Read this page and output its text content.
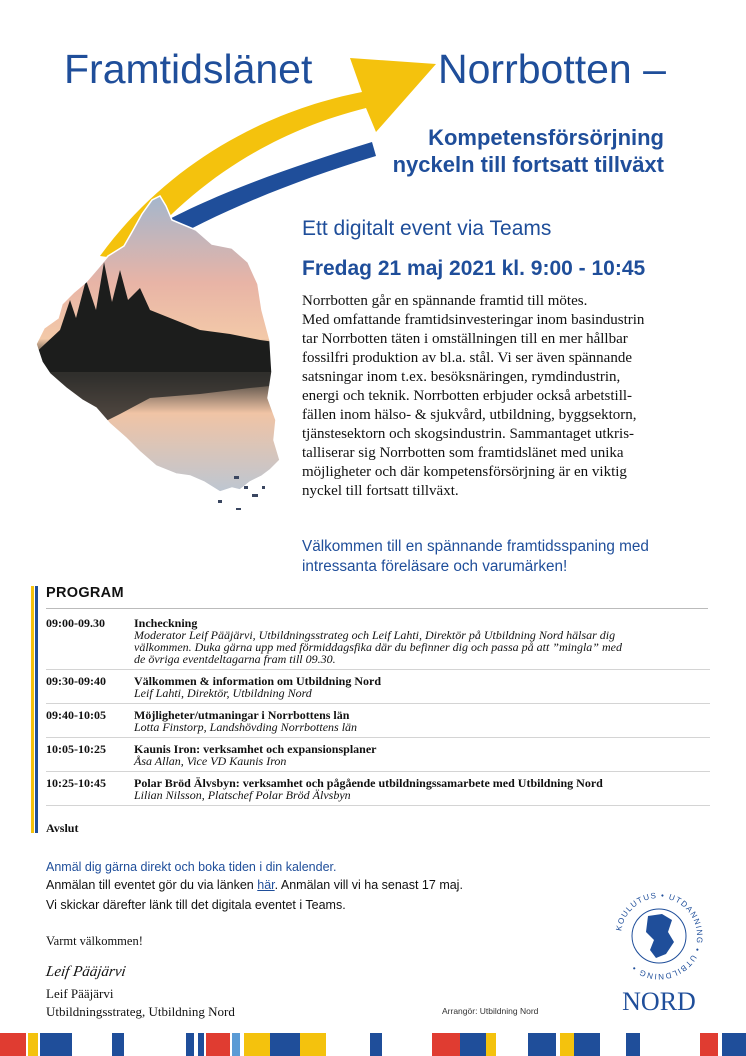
Framtidslänet	Norrbotten –
Kompetensförsörjning
nyckeln till fortsatt tillväxt
Ett digitalt event via Teams
Fredag 21 maj 2021 kl. 9:00 - 10:45
Norrbotten går en spännande framtid till mötes.
Med omfattande framtidsinvesteringar inom basindustrin
tar Norrbotten täten i omställningen till en mer hållbar
fossilfri produktion av bl.a. stål. Vi ser även spännande
satsningar inom t.ex. besöksnäringen, rymdindustrin,
energi och teknik. Norrbotten erbjuder också arbetstill-
fällen inom hälso- & sjukvård, utbildning, byggsektorn,
tjänstesektorn och skogsindustrin. Sammantaget utkris-
talliserar sig Norrbotten som framtidslänet med unika
möjligheter och där kompetensförsörjning är en viktig
nyckel till fortsatt tillväxt.
Välkommen till en spännande framtidsspaning med
intressanta föreläsare och varumärken!
PROGRAM
09:00-09.30	Incheckning
Moderator Leif Pääjärvi, Utbildningsstrateg och Leif Lahti, Direktör på Utbildning Nord hälsar dig
välkommen. Duka gärna upp med förmiddagsfika där du befinner dig och passa på att ”mingla” med
de övriga eventdeltagarna fram till 09.30.
09:30-09:40	Välkommen & information om Utbildning Nord
Leif Lahti, Direktör, Utbildning Nord
09:40-10:05	Möjligheter/utmaningar i Norrbottens län
Lotta Finstorp, Landshövding Norrbottens län
10:05-10:25	Kaunis Iron: verksamhet och expansionsplaner
Åsa Allan, Vice VD Kaunis Iron
10:25-10:45	Polar Bröd Älvsbyn: verksamhet och pågående utbildningssamarbete med Utbildning Nord
Lilian Nilsson, Platschef Polar Bröd Älvsbyn
Avslut
Anmäl dig gärna direkt och boka tiden i din kalender.
Anmälan till eventet gör du via länken här. Anmälan vill vi ha senast 17 maj.
Vi skickar därefter länk till det digitala eventet i Teams.
Varmt välkommen!
Leif Pääjärvi
Leif Pääjärvi
Utbildningsstrateg, Utbildning Nord	Arrangör: Utbildning Nord
KOULUTUS • UTDANNING • UTBILDNING •
NORD
